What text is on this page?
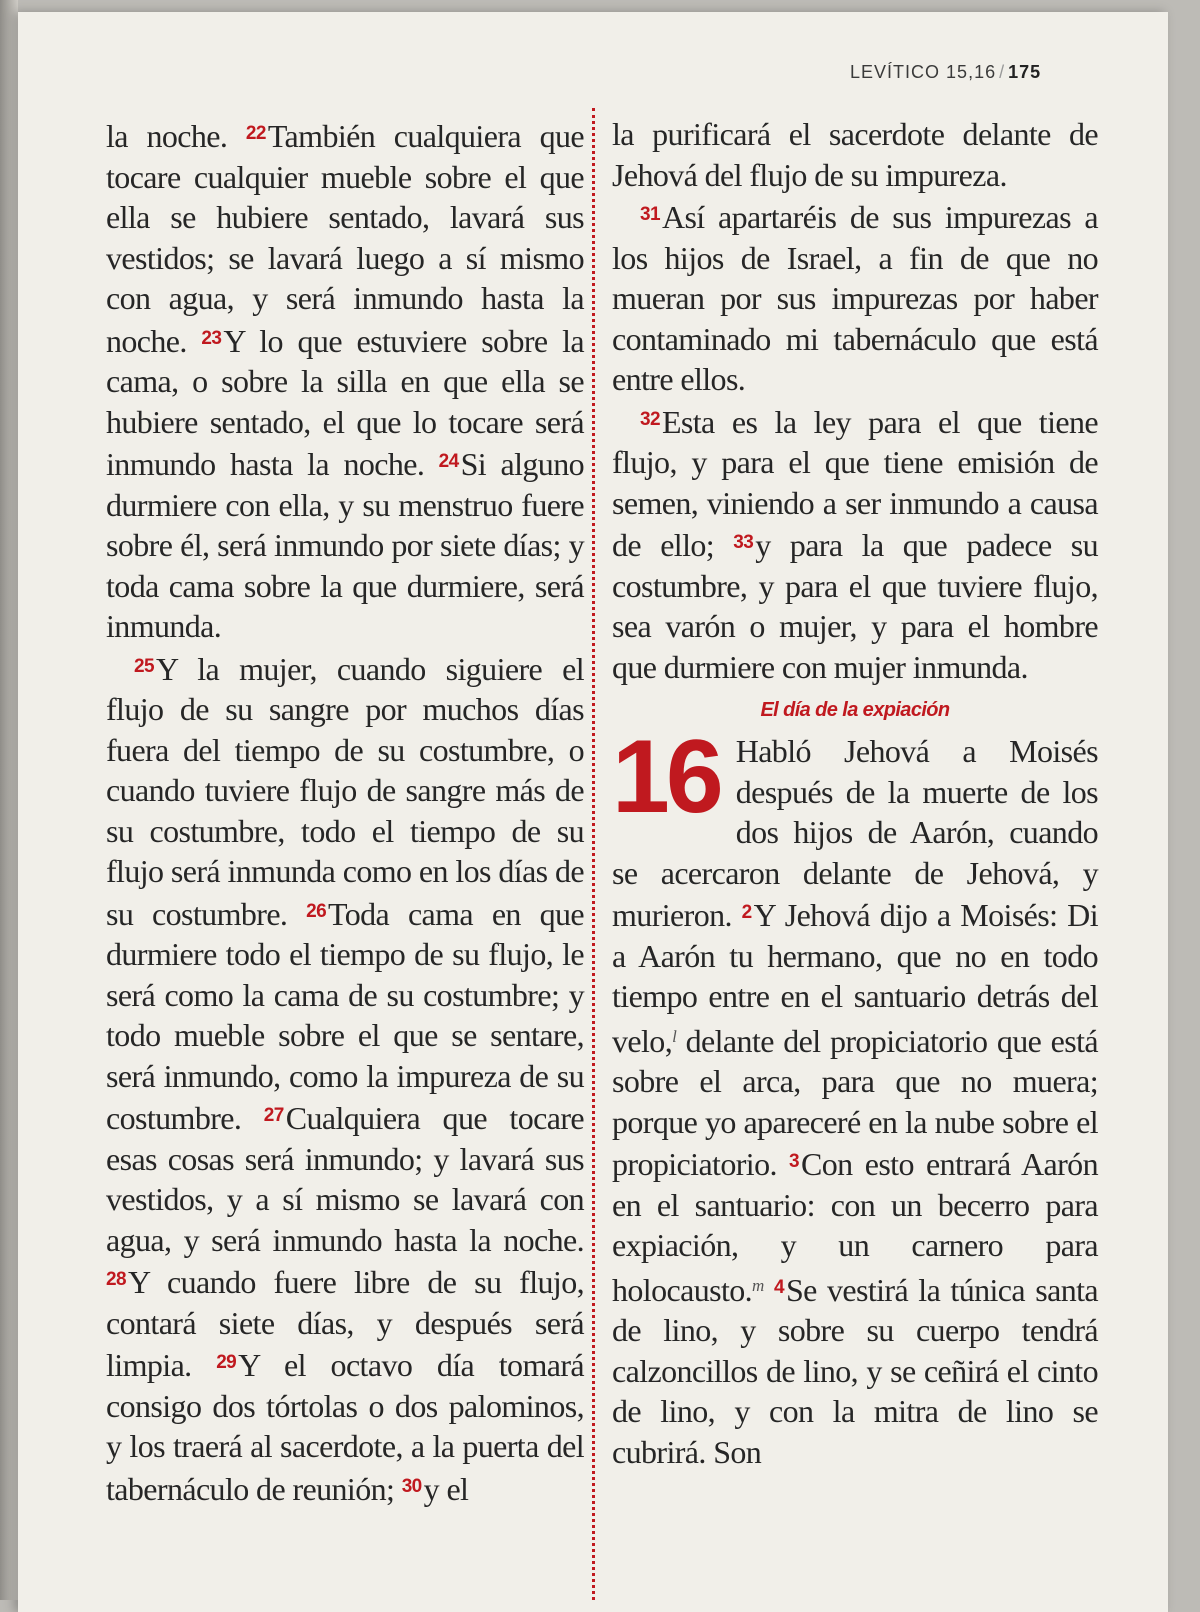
LEVÍTICO 15,16 / 175

la noche. $^{22}$También cualquiera que tocare cualquier mueble sobre el que ella se hubiere sentado, lavará sus vestidos; se lavará luego a sí mismo con agua, y será inmundo hasta la noche. $^{23}$Y lo que estuviere sobre la cama, o sobre la silla en que ella se hubiere sentado, el que lo tocare será inmundo hasta la noche. $^{24}$Si alguno durmiere con ella, y su menstruo fuere sobre él, será inmundo por siete días; y toda cama sobre la que durmiere, será inmunda.

$^{25}$Y la mujer, cuando siguiere el flujo de su sangre por muchos días fuera del tiempo de su costumbre, o cuando tuviere flujo de sangre más de su costumbre, todo el tiempo de su flujo será inmunda como en los días de su costumbre. $^{26}$Toda cama en que durmiere todo el tiempo de su flujo, le será como la cama de su costumbre; y todo mueble sobre el que se sentare, será inmundo, como la impureza de su costumbre. $^{27}$Cualquiera que tocare esas cosas será inmundo; y lavará sus vestidos, y a sí mismo se lavará con agua, y será inmundo hasta la noche. $^{28}$Y cuando fuere libre de su flujo, contará siete días, y después será limpia. $^{29}$Y el octavo día tomará consigo dos tórtolas o dos palominos, y los traerá al sacerdote, a la puerta del tabernáculo de reunión; $^{30}$y el

la purificará el sacerdote delante de Jehová del flujo de su impureza.

$^{31}$Así apartaréis de sus impurezas a los hijos de Israel, a fin de que no mueran por sus impurezas por haber contaminado mi tabernáculo que está entre ellos.

$^{32}$Esta es la ley para el que tiene flujo, y para el que tiene emisión de semen, viniendo a ser inmundo a causa de ello; $^{33}$y para la que padece su costumbre, y para el que tuviere flujo, sea varón o mujer, y para el hombre que durmiere con mujer inmunda.

El día de la expiación

16 Habló Jehová a Moisés después de la muerte de los dos hijos de Aarón, cuando se acercaron delante de Jehová, y murieron. $^2$Y Jehová dijo a Moisés: Di a Aarón tu hermano, que no en todo tiempo entre en el santuario detrás del velo,$^l$ delante del propiciatorio que está sobre el arca, para que no muera; porque yo apareceré en la nube sobre el propiciatorio. $^3$Con esto entrará Aarón en el santuario: con un becerro para expiación, y un carnero para holocausto.$^m$ $^4$Se vestirá la túnica santa de lino, y sobre su cuerpo tendrá calzoncillos de lino, y se ceñirá el cinto de lino, y con la mitra de lino se cubrirá. Son
